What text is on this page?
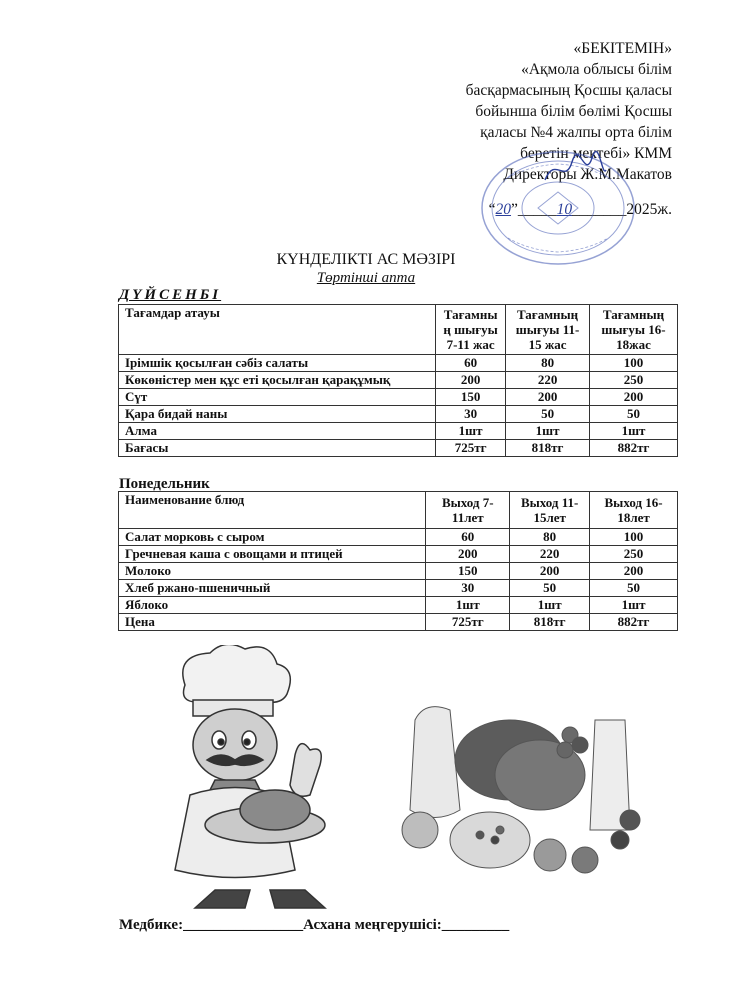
«БЕКІТЕМІН»
«Ақмола облысы білім
басқармасының Қосшы қаласы
бойынша білім бөлімі Қосшы
қаласы №4 жалпы орта білім
беретін мектебі» КММ
Директоры Ж.М.Макатов
“20”_____10_______2025ж.
КҮНДЕЛІКТІ АС МӘЗІРІ
Төртінші апта
ДҮЙСЕНБІ
Тағамдар атауы	Тағамны ң шығуы 7-11 жас	Тағамның шығуы 11-15 жас	Тағамның шығуы 16-18жас
Ірімшік қосылған сәбіз салаты	60	80	100
Көкөністер мен құс еті қосылған қарақұмық	200	220	250
Сүт	150	200	200
Қара бидай наны	30	50	50
Алма	1шт	1шт	1шт
Бағасы	725тг	818тг	882тг
Понедельник
Наименование блюд	Выход 7-11лет	Выход 11-15лет	Выход 16-18лет
Салат морковь с сыром	60	80	100
Гречневая каша с овощами и птицей	200	220	250
Молоко	150	200	200
Хлеб ржано-пшеничный	30	50	50
Яблоко	1шт	1шт	1шт
Цена	725тг	818тг	882тг
Медбике:________________Асхана меңгерушісі:_________
